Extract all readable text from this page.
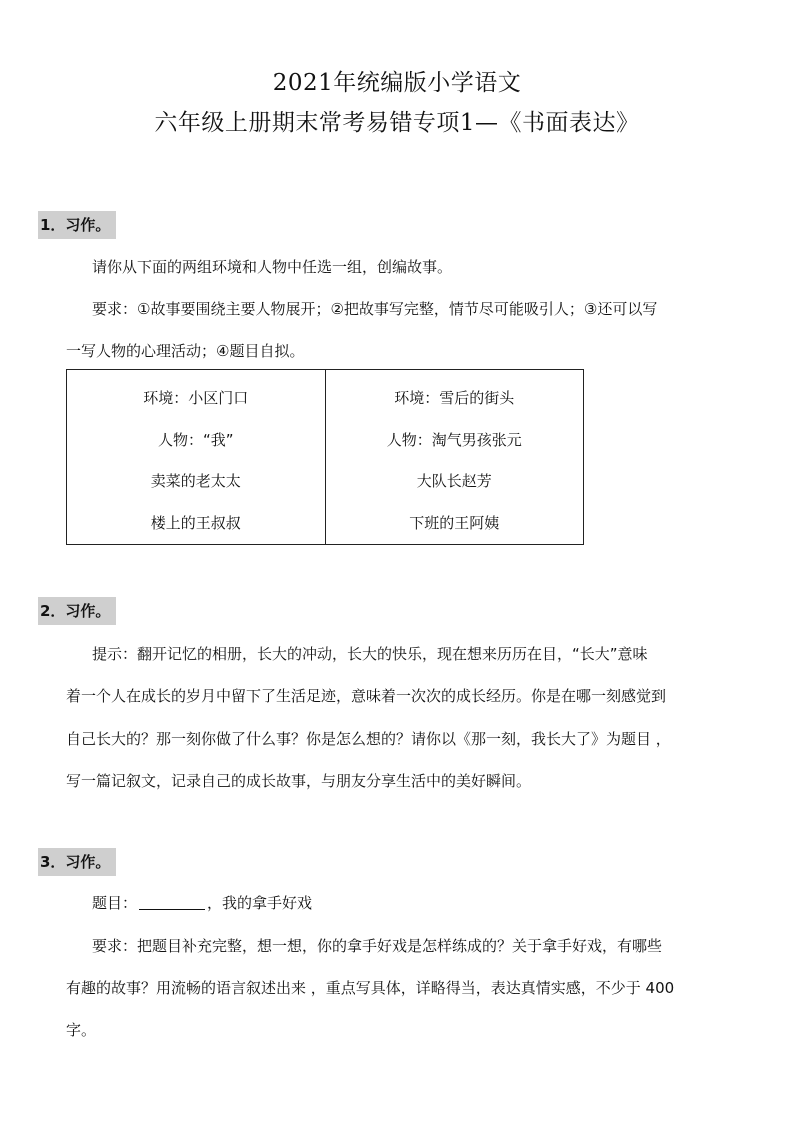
2021年统编版小学语文
六年级上册期末常考易错专项1—《书面表达》
1．习作。
请你从下面的两组环境和人物中任选一组，创编故事。
要求：①故事要围绕主要人物展开；②把故事写完整，情节尽可能吸引人；③还可以写
一写人物的心理活动；④题目自拟。
环境：小区门口
人物：“我”
卖菜的老太太
楼上的王叔叔
环境：雪后的街头
人物：淘气男孩张元
大队长赵芳
下班的王阿姨
2．习作。
提示：翻开记忆的相册，长大的冲动，长大的快乐，现在想来历历在目，“长大”意味
着一个人在成长的岁月中留下了生活足迹，意味着一次次的成长经历。你是在哪一刻感觉到
自己长大的？那一刻你做了什么事？你是怎么想的？请你以《那一刻，我长大了》为题目 ，
写一篇记叙文，记录自己的成长故事，与朋友分享生活中的美好瞬间。
3．习作。
题目：	，我的拿手好戏
要求：把题目补充完整，想一想，你的拿手好戏是怎样练成的？关于拿手好戏，有哪些
有趣的故事？用流畅的语言叙述出来 ，重点写具体，详略得当，表达真情实感，不少于 400
字。
